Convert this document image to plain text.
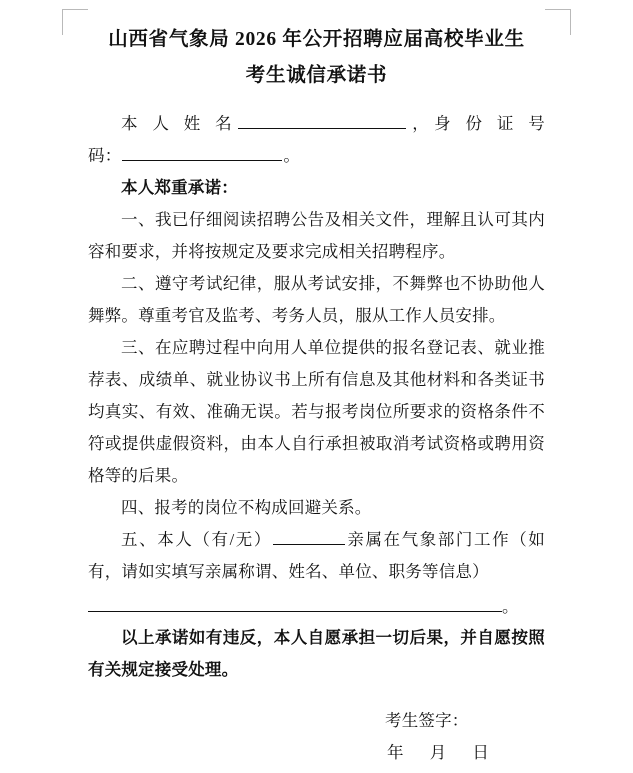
山西省气象局 2026 年公开招聘应届高校毕业生
考生诚信承诺书

本 人 姓 名	，身 份 证 号

码：	。

本人郑重承诺：

一、我已仔细阅读招聘公告及相关文件，理解且认可其内容和要求，并将按规定及要求完成相关招聘程序。

二、遵守考试纪律，服从考试安排，不舞弊也不协助他人舞弊。尊重考官及监考、考务人员，服从工作人员安排。

三、在应聘过程中向用人单位提供的报名登记表、就业推荐表、成绩单、就业协议书上所有信息及其他材料和各类证书均真实、有效、准确无误。若与报考岗位所要求的资格条件不符或提供虚假资料，由本人自行承担被取消考试资格或聘用资格等的后果。

四、报考的岗位不构成回避关系。

五、本人（有/无）	亲属在气象部门工作（如有，请如实填写亲属称谓、姓名、单位、职务等信息）

。

以上承诺如有违反，本人自愿承担一切后果，并自愿按照有关规定接受处理。

考生签字：
年 月 日
